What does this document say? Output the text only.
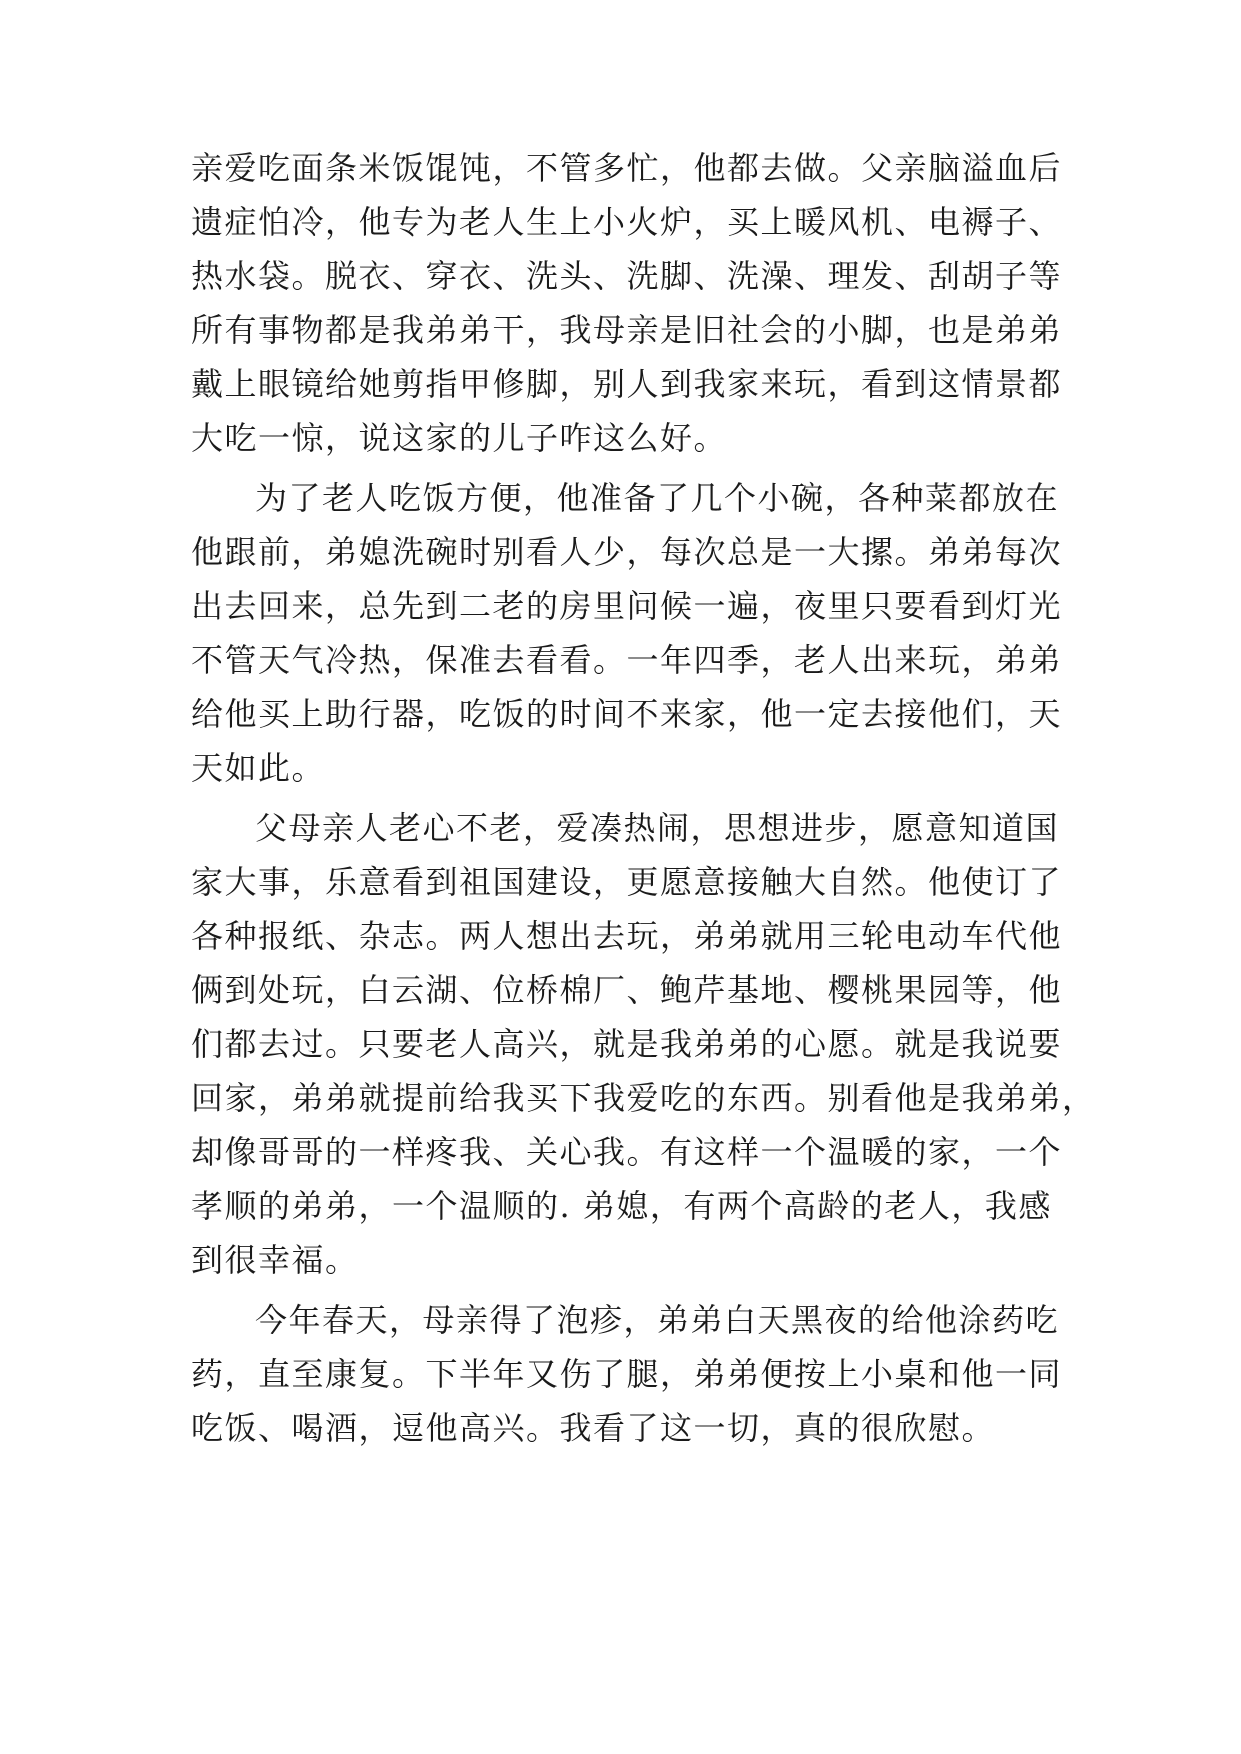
亲爱吃面条米饭馄饨，不管多忙，他都去做。父亲脑溢血后
遗症怕冷，他专为老人生上小火炉，买上暖风机、电褥子、
热水袋。脱衣、穿衣、洗头、洗脚、洗澡、理发、刮胡子等
所有事物都是我弟弟干，我母亲是旧社会的小脚，也是弟弟
戴上眼镜给她剪指甲修脚，别人到我家来玩，看到这情景都
大吃一惊，说这家的儿子咋这么好。
为了老人吃饭方便，他准备了几个小碗，各种菜都放在
他跟前，弟媳洗碗时别看人少，每次总是一大摞。弟弟每次
出去回来，总先到二老的房里问候一遍，夜里只要看到灯光
不管天气冷热，保准去看看。一年四季，老人出来玩，弟弟
给他买上助行器，吃饭的时间不来家，他一定去接他们，天
天如此。
父母亲人老心不老，爱凑热闹，思想进步，愿意知道国
家大事，乐意看到祖国建设，更愿意接触大自然。他使订了
各种报纸、杂志。两人想出去玩，弟弟就用三轮电动车代他
俩到处玩，白云湖、位桥棉厂、鲍芹基地、樱桃果园等，他
们都去过。只要老人高兴，就是我弟弟的心愿。就是我说要
回家，弟弟就提前给我买下我爱吃的东西。别看他是我弟弟，
却像哥哥的一样疼我、关心我。有这样一个温暖的家，一个
孝顺的弟弟，一个温顺的. 弟媳，有两个高龄的老人，我感
到很幸福。
今年春天，母亲得了泡疹，弟弟白天黑夜的给他涂药吃
药，直至康复。下半年又伤了腿，弟弟便按上小桌和他一同
吃饭、喝酒，逗他高兴。我看了这一切，真的很欣慰。
